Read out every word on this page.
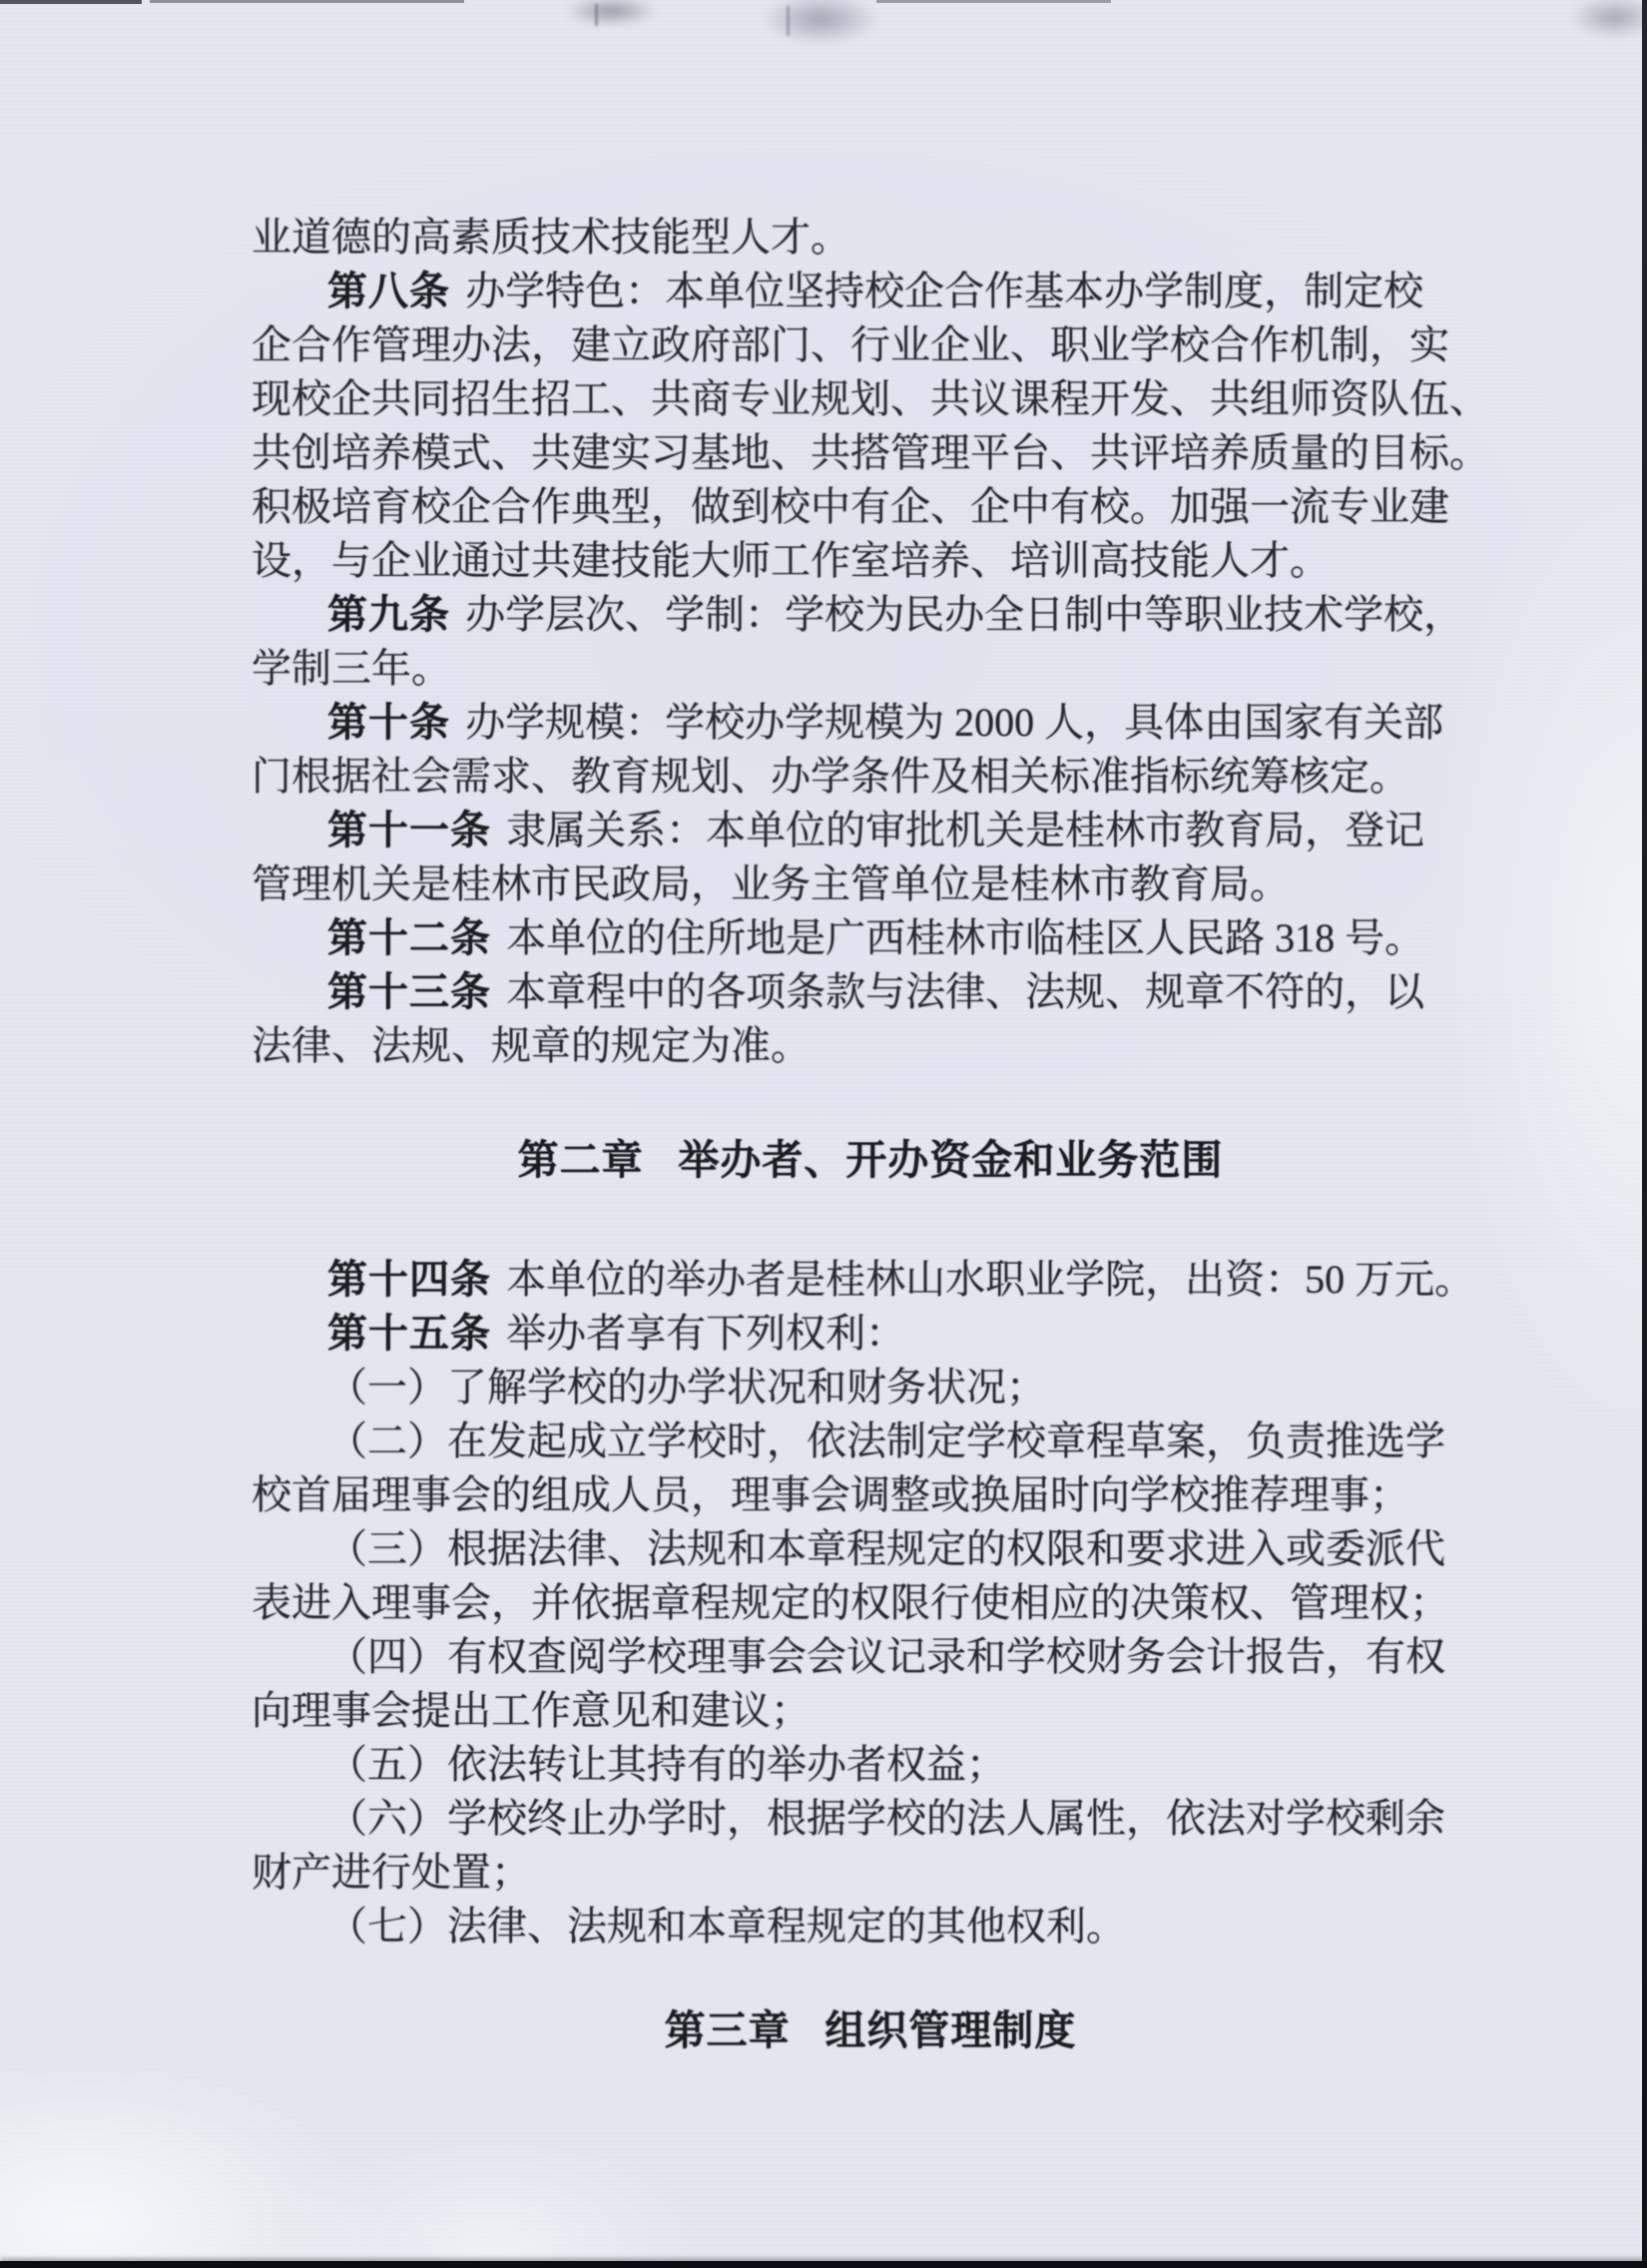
业道德的高素质技术技能型人才。
第八条 办学特色：本单位坚持校企合作基本办学制度，制定校
企合作管理办法，建立政府部门、行业企业、职业学校合作机制，实
现校企共同招生招工、共商专业规划、共议课程开发、共组师资队伍、
共创培养模式、共建实习基地、共搭管理平台、共评培养质量的目标。
积极培育校企合作典型，做到校中有企、企中有校。加强一流专业建
设，与企业通过共建技能大师工作室培养、培训高技能人才。
第九条 办学层次、学制：学校为民办全日制中等职业技术学校，
学制三年。
第十条 办学规模：学校办学规模为 2000 人，具体由国家有关部
门根据社会需求、教育规划、办学条件及相关标准指标统筹核定。
第十一条 隶属关系：本单位的审批机关是桂林市教育局，登记
管理机关是桂林市民政局，业务主管单位是桂林市教育局。
第十二条 本单位的住所地是广西桂林市临桂区人民路 318 号。
第十三条 本章程中的各项条款与法律、法规、规章不符的，以
法律、法规、规章的规定为准。
第二章 举办者、开办资金和业务范围
第十四条 本单位的举办者是桂林山水职业学院，出资：50 万元。
第十五条 举办者享有下列权利：
（一）了解学校的办学状况和财务状况；
（二）在发起成立学校时，依法制定学校章程草案，负责推选学
校首届理事会的组成人员，理事会调整或换届时向学校推荐理事；
（三）根据法律、法规和本章程规定的权限和要求进入或委派代
表进入理事会，并依据章程规定的权限行使相应的决策权、管理权；
（四）有权查阅学校理事会会议记录和学校财务会计报告，有权
向理事会提出工作意见和建议；
（五）依法转让其持有的举办者权益；
（六）学校终止办学时，根据学校的法人属性，依法对学校剩余
财产进行处置；
（七）法律、法规和本章程规定的其他权利。
第三章 组织管理制度
